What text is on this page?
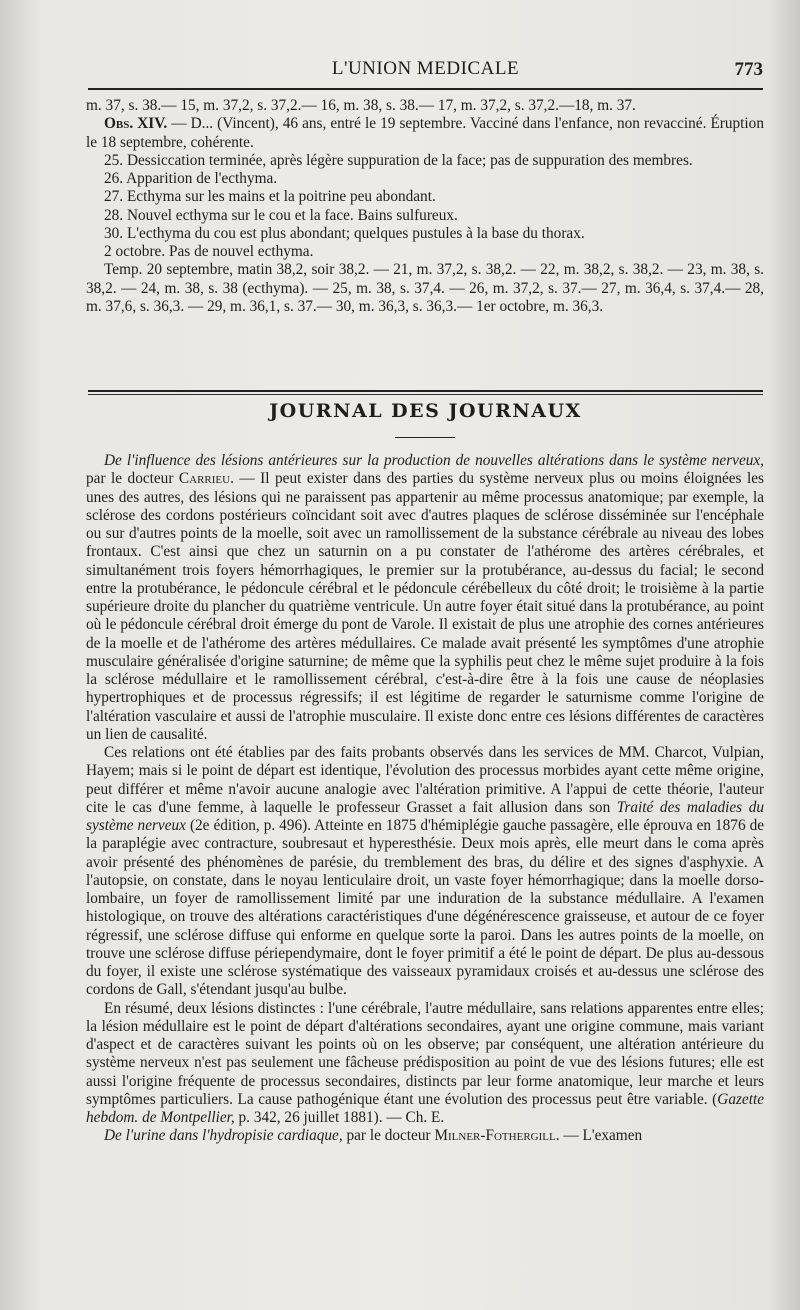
L'UNION MEDICALE	773

m. 37, s. 38.— 15, m. 37,2, s. 37,2.— 16, m. 38, s. 38.— 17, m. 37,2, s. 37,2.—18, m. 37.

Obs. XIV. — D... (Vincent), 46 ans, entré le 19 septembre. Vacciné dans l'enfance, non revacciné. Éruption le 18 septembre, cohérente.

25. Dessiccation terminée, après légère suppuration de la face; pas de suppuration des membres.

26. Apparition de l'ecthyma.

27. Ecthyma sur les mains et la poitrine peu abondant.

28. Nouvel ecthyma sur le cou et la face. Bains sulfureux.

30. L'ecthyma du cou est plus abondant; quelques pustules à la base du thorax.

2 octobre. Pas de nouvel ecthyma.

Temp. 20 septembre, matin 38,2, soir 38,2. — 21, m. 37,2, s. 38,2. — 22, m. 38,2, s. 38,2. — 23, m. 38, s. 38,2. — 24, m. 38, s. 38 (ecthyma). — 25, m. 38, s. 37,4. — 26, m. 37,2, s. 37.— 27, m. 36,4, s. 37,4.— 28, m. 37,6, s. 36,3. — 29, m. 36,1, s. 37.— 30, m. 36,3, s. 36,3.— 1er octobre, m. 36,3.

JOURNAL DES JOURNAUX

De l'influence des lésions antérieures sur la production de nouvelles altérations dans le système nerveux, par le docteur Carrieu. — Il peut exister dans des parties du système nerveux plus ou moins éloignées les unes des autres, des lésions qui ne paraissent pas appartenir au même processus anatomique; par exemple, la sclérose des cordons postérieurs coïncidant soit avec d'autres plaques de sclérose disséminée sur l'encéphale ou sur d'autres points de la moelle, soit avec un ramollissement de la substance cérébrale au niveau des lobes frontaux. C'est ainsi que chez un saturnin on a pu constater de l'athérome des artères cérébrales, et simultanément trois foyers hémorrhagiques, le premier sur la protubérance, au-dessus du facial; le second entre la protubérance, le pédoncule cérébral et le pédoncule cérébelleux du côté droit; le troisième à la partie supérieure droite du plancher du quatrième ventricule. Un autre foyer était situé dans la protubérance, au point où le pédoncule cérébral droit émerge du pont de Varole. Il existait de plus une atrophie des cornes antérieures de la moelle et de l'athérome des artères médullaires. Ce malade avait présenté les symptômes d'une atrophie musculaire généralisée d'origine saturnine; de même que la syphilis peut chez le même sujet produire à la fois la sclérose médullaire et le ramollissement cérébral, c'est-à-dire être à la fois une cause de néoplasies hypertrophiques et de processus régressifs; il est légitime de regarder le saturnisme comme l'origine de l'altération vasculaire et aussi de l'atrophie musculaire. Il existe donc entre ces lésions différentes de caractères un lien de causalité.

Ces relations ont été établies par des faits probants observés dans les services de MM. Charcot, Vulpian, Hayem; mais si le point de départ est identique, l'évolution des processus morbides ayant cette même origine, peut différer et même n'avoir aucune analogie avec l'altération primitive. A l'appui de cette théorie, l'auteur cite le cas d'une femme, à laquelle le professeur Grasset a fait allusion dans son Traité des maladies du système nerveux (2e édition, p. 496). Atteinte en 1875 d'hémiplégie gauche passagère, elle éprouva en 1876 de la paraplégie avec contracture, soubresaut et hyperesthésie. Deux mois après, elle meurt dans le coma après avoir présenté des phénomènes de parésie, du tremblement des bras, du délire et des signes d'asphyxie. A l'autopsie, on constate, dans le noyau lenticulaire droit, un vaste foyer hémorrhagique; dans la moelle dorso-lombaire, un foyer de ramollissement limité par une induration de la substance médullaire. A l'examen histologique, on trouve des altérations caractéristiques d'une dégénérescence graisseuse, et autour de ce foyer régressif, une sclérose diffuse qui enforme en quelque sorte la paroi. Dans les autres points de la moelle, on trouve une sclérose diffuse périependymaire, dont le foyer primitif a été le point de départ. De plus au-dessous du foyer, il existe une sclérose systématique des vaisseaux pyramidaux croisés et au-dessus une sclérose des cordons de Gall, s'étendant jusqu'au bulbe.

En résumé, deux lésions distinctes : l'une cérébrale, l'autre médullaire, sans relations apparentes entre elles; la lésion médullaire est le point de départ d'altérations secondaires, ayant une origine commune, mais variant d'aspect et de caractères suivant les points où on les observe; par conséquent, une altération antérieure du système nerveux n'est pas seulement une fâcheuse prédisposition au point de vue des lésions futures; elle est aussi l'origine fréquente de processus secondaires, distincts par leur forme anatomique, leur marche et leurs symptômes particuliers. La cause pathogénique étant une évolution des processus peut être variable. (Gazette hebdom. de Montpellier, p. 342, 26 juillet 1881). — Ch. E.

De l'urine dans l'hydropisie cardiaque, par le docteur Milner-Fothergill. — L'examen
